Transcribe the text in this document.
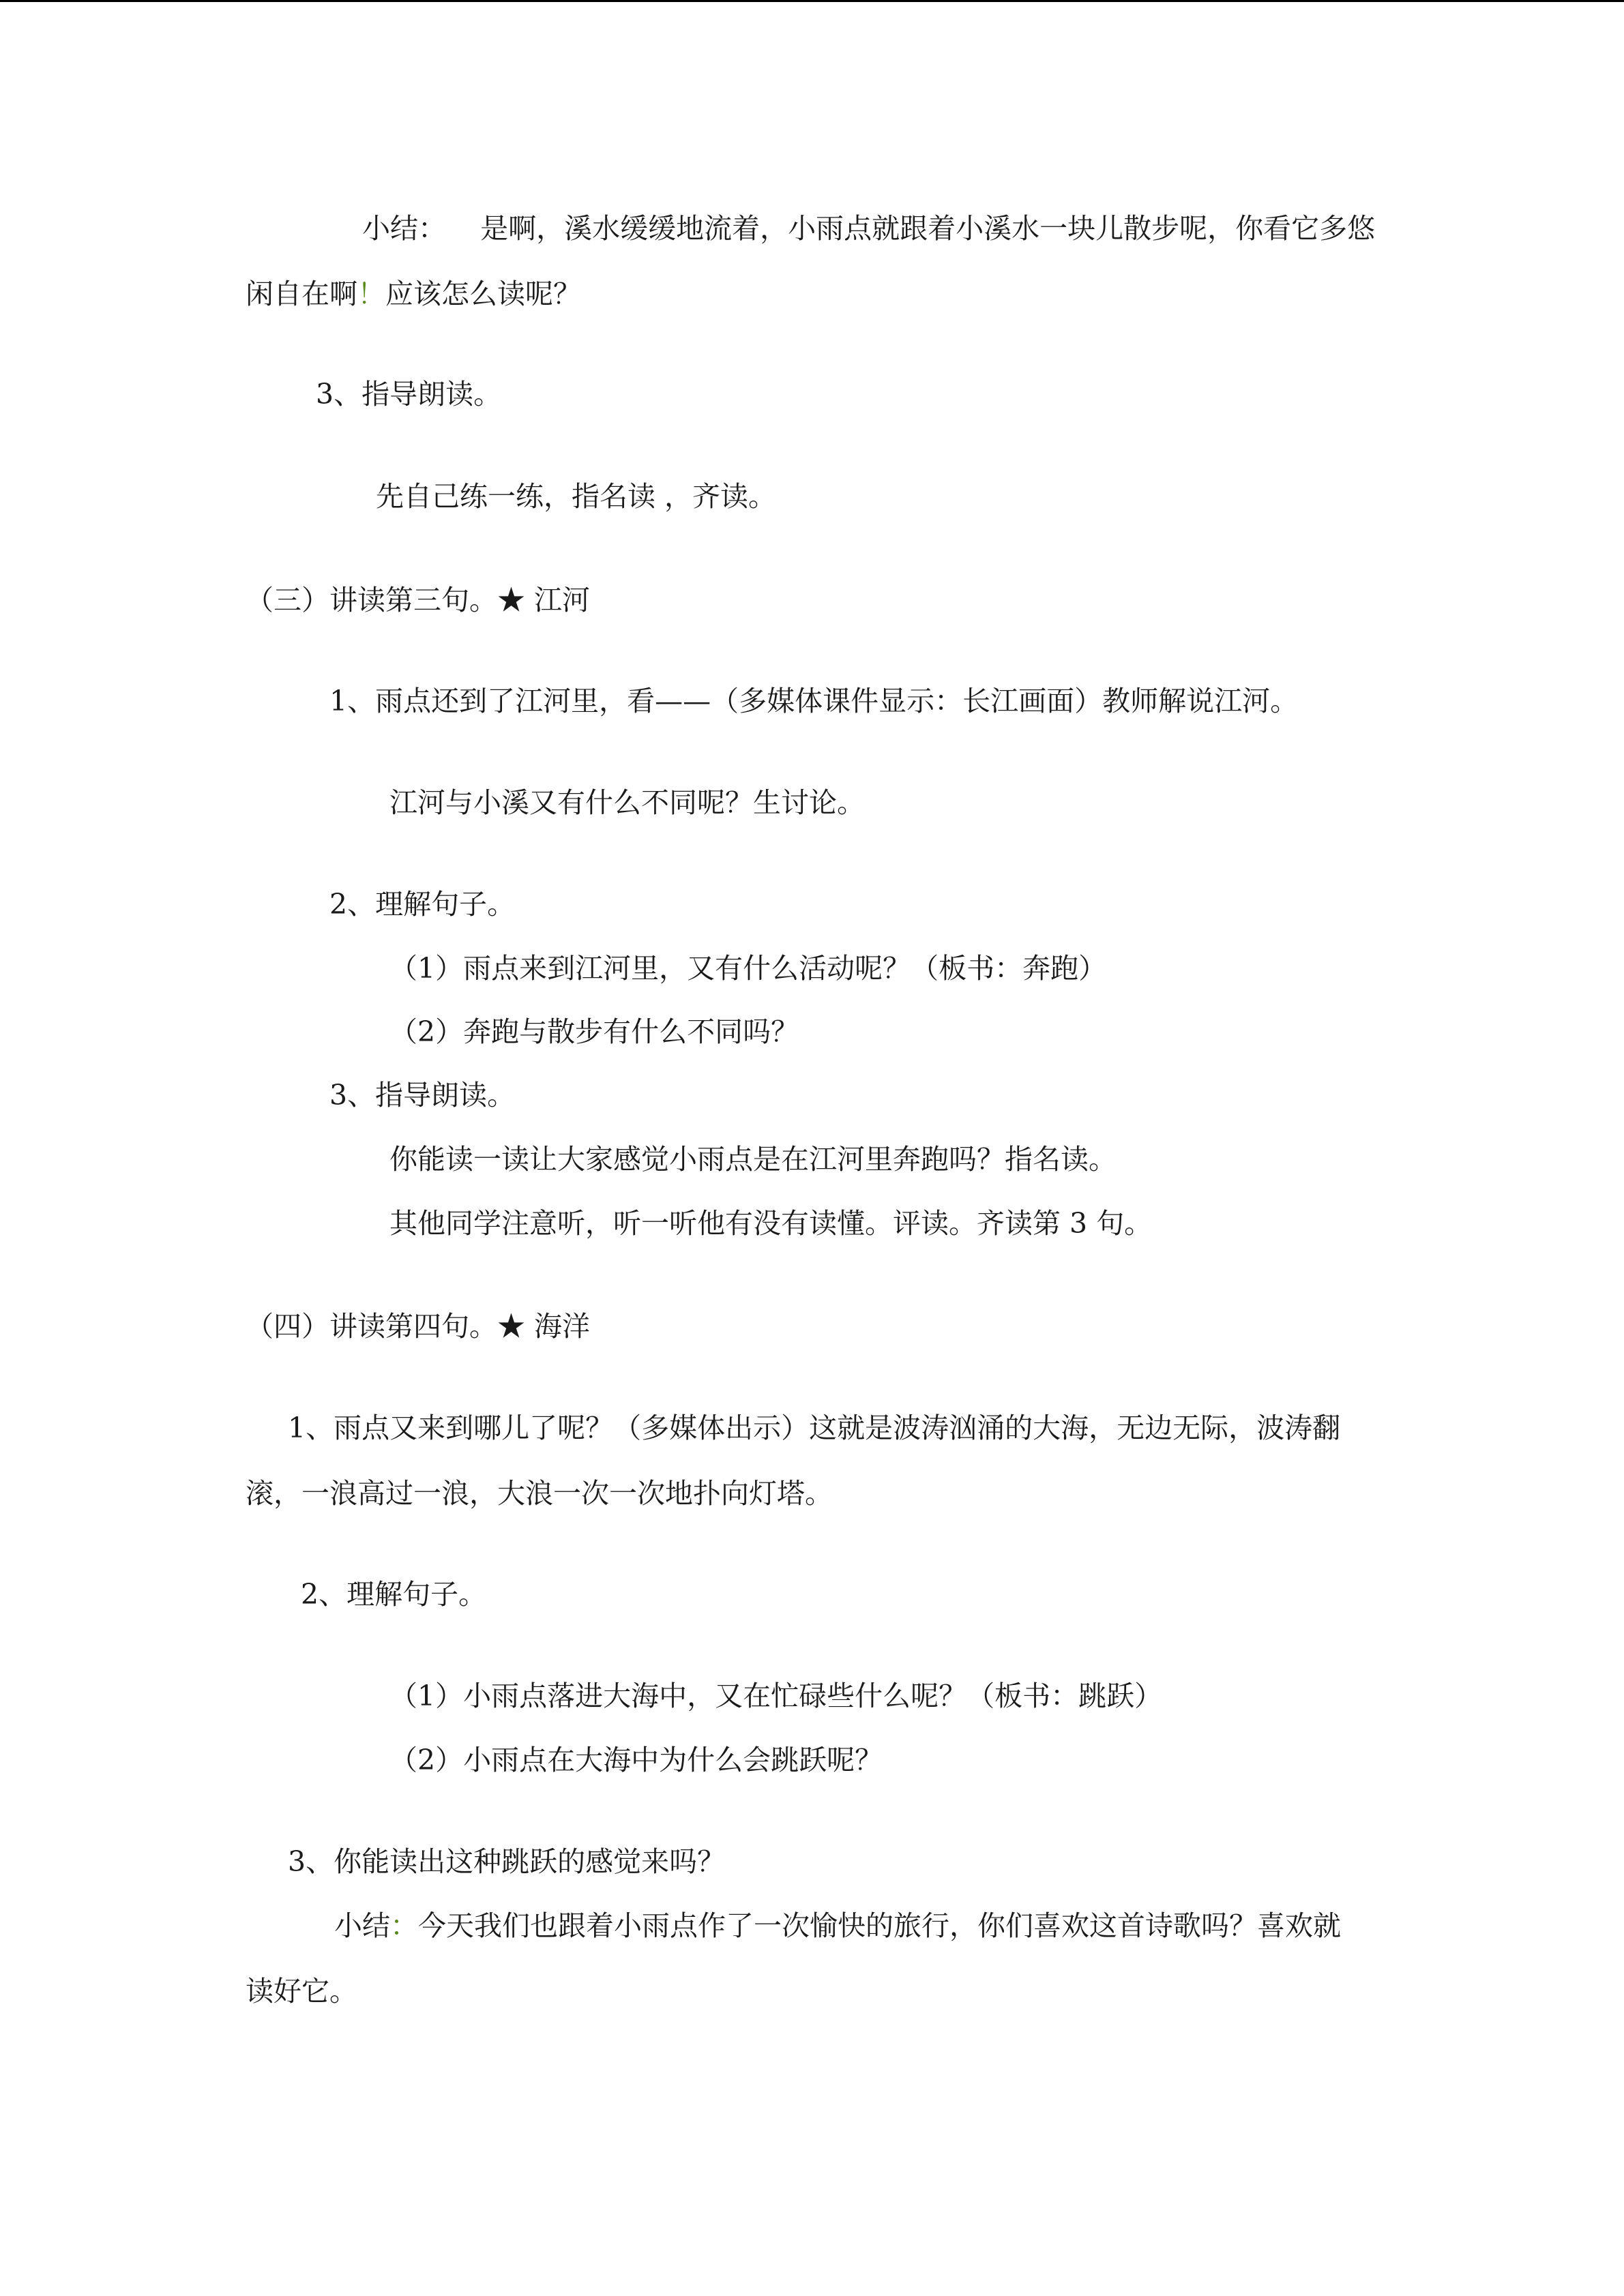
小结： 是啊，溪水缓缓地流着，小雨点就跟着小溪水一块儿散步呢，你看它多悠
闲自在啊！应该怎么读呢？
3、指导朗读。
先自己练一练，指名读 ，齐读。
（三）讲读第三句。★ 江河
1、雨点还到了江河里，看——（多媒体课件显示：长江画面）教师解说江河。
江河与小溪又有什么不同呢？生讨论。
2、理解句子。
（1）雨点来到江河里，又有什么活动呢？（板书：奔跑）
（2）奔跑与散步有什么不同吗？
3、指导朗读。
你能读一读让大家感觉小雨点是在江河里奔跑吗？指名读。
其他同学注意听，听一听他有没有读懂。评读。齐读第 3 句。
（四）讲读第四句。★ 海洋
1、雨点又来到哪儿了呢？（多媒体出示）这就是波涛汹涌的大海，无边无际，波涛翻
滚，一浪高过一浪，大浪一次一次地扑向灯塔。
2、理解句子。
（1）小雨点落进大海中，又在忙碌些什么呢？（板书：跳跃）
（2）小雨点在大海中为什么会跳跃呢？
3、你能读出这种跳跃的感觉来吗？
小结：今天我们也跟着小雨点作了一次愉快的旅行，你们喜欢这首诗歌吗？喜欢就
读好它。
